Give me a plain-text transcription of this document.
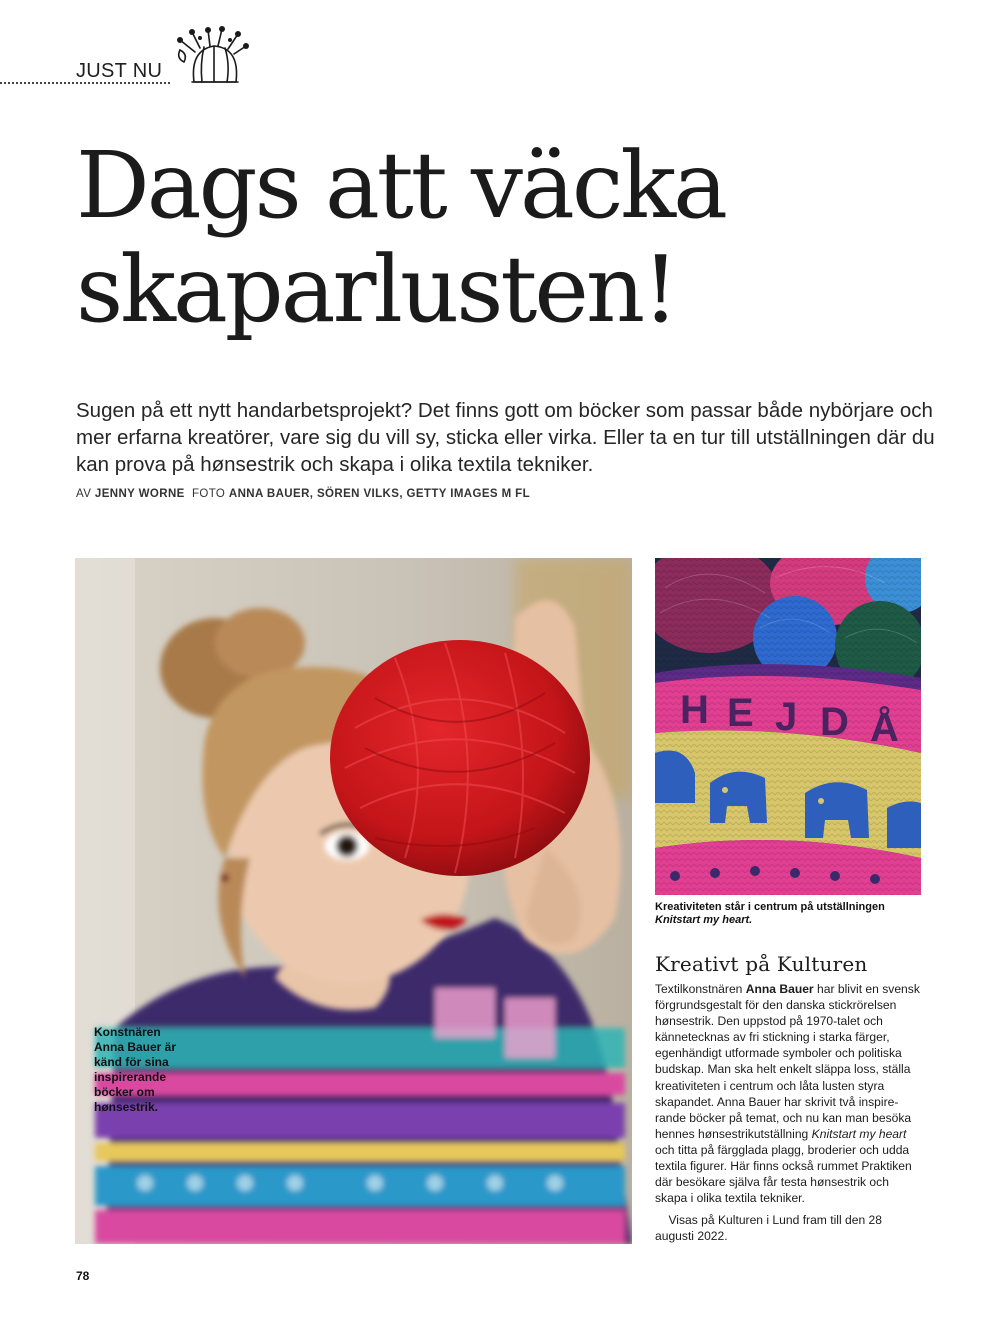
JUST NU
Dags att väcka
skaparlusten!

Sugen på ett nytt handarbetsprojekt? Det finns gott om böcker som passar både nybörjare och mer erfarna kreatörer, vare sig du vill sy, sticka eller virka. Eller ta en tur till utställningen där du kan prova på hønsestrik och skapa i olika textila tekniker.

AV JENNY WORNE FOTO ANNA BAUER, SÖREN VILKS, GETTY IMAGES M FL
Konstnären Anna Bauer är känd för sina inspirerande böcker om hønsestrik.
H E J D Å
Kreativiteten står i centrum på utställningen
Knitstart my heart.
Kreativt på Kulturen

Textilkonstnären Anna Bauer har blivit en svensk förgrundsgestalt för den danska stickrörelsen hønsestrik. Den uppstod på 1970-talet och kännetecknas av fri stickning i starka färger, egenhändigt utformade symboler och politiska budskap. Man ska helt enkelt släppa loss, ställa kreativiteten i centrum och låta lusten styra skapandet. Anna Bauer har skrivit två inspire-rande böcker på temat, och nu kan man besöka hennes hønsestrikutställning Knitstart my heart och titta på färgglada plagg, broderier och udda textila figurer. Här finns också rummet Praktiken där besökare själva får testa hønsestrik och skapa i olika textila tekniker.

Visas på Kulturen i Lund fram till den 28 augusti 2022.

78
